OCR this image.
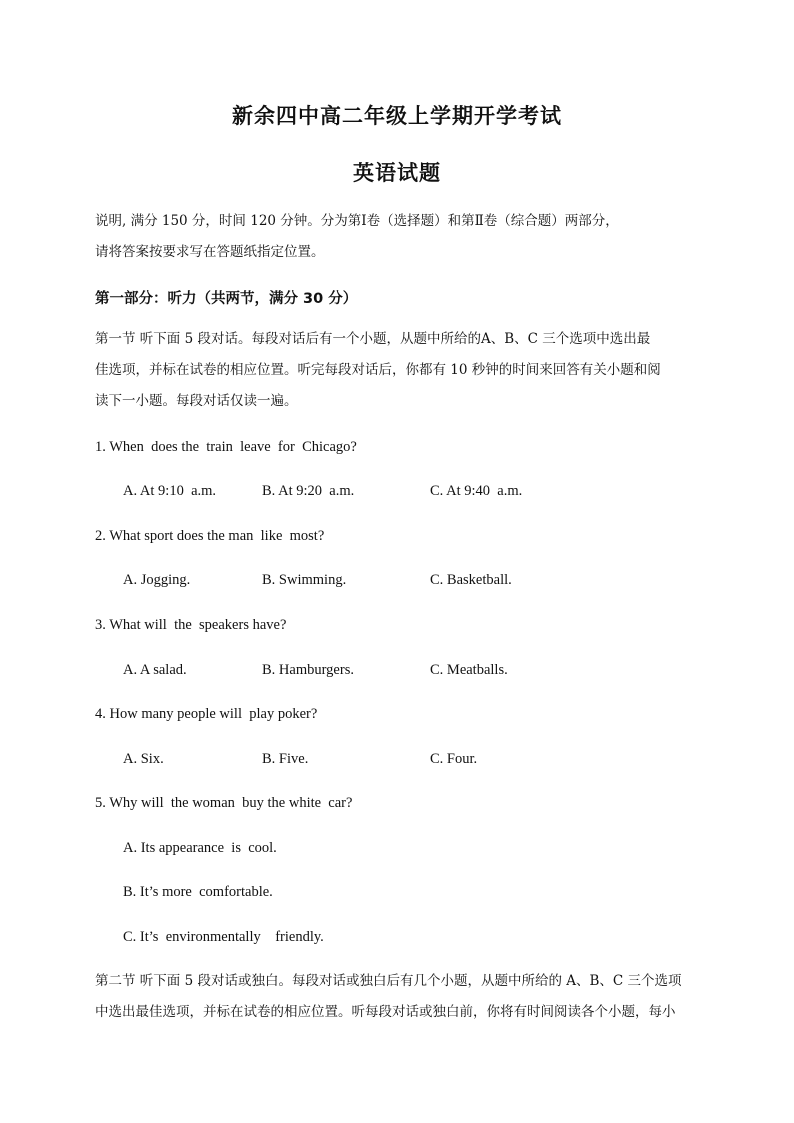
新余四中高二年级上学期开学考试
英语试题
说明, 满分 150 分，时间 120 分钟。分为第Ⅰ卷（选择题）和第Ⅱ卷（综合题）两部分，
请将答案按要求写在答题纸指定位置。
第一部分：听力（共两节，满分 30 分）
第一节 听下面 5 段对话。每段对话后有一个小题，从题中所给的A、B、C 三个选项中选出最
佳选项，并标在试卷的相应位置。听完每段对话后，你都有 10 秒钟的时间来回答有关小题和阅
读下一小题。每段对话仅读一遍。
1. When  does the  train  leave  for  Chicago?
A. At 9:10  a.m.	B. At 9:20  a.m.	C. At 9:40  a.m.
2. What sport does the man  like  most?
A. Jogging.	B. Swimming.	C. Basketball.
3. What will  the  speakers have?
A. A salad.	B. Hamburgers.	C. Meatballs.
4. How many people will  play poker?
A. Six.	B. Five.	C. Four.
5. Why will  the woman  buy the white  car?
A. Its appearance  is  cool.
B. It’s more  comfortable.
C. It’s  environmentally    friendly.
第二节 听下面 5 段对话或独白。每段对话或独白后有几个小题，从题中所给的 A、B、C 三个选项
中选出最佳选项，并标在试卷的相应位置。听每段对话或独白前，你将有时间阅读各个小题，每小
